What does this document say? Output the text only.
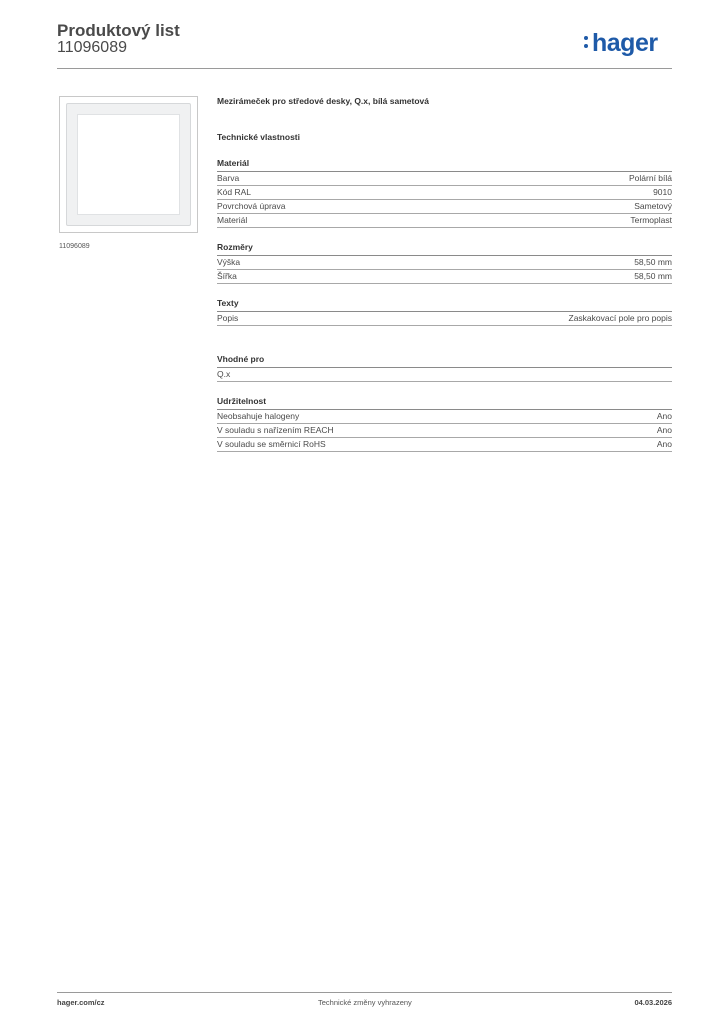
Produktový list
11096089	hager
11096089
Mezirámeček pro středové desky, Q.x, bílá sametová
Technické vlastnosti
Materiál
Barva	Polární bílá
Kód RAL	9010
Povrchová úprava	Sametový
Materiál	Termoplast
Rozměry
Výška	58,50 mm
Šířka	58,50 mm
Texty
Popis	Zaskakovací pole pro popis
Vhodné pro
Q.x
Udržitelnost
Neobsahuje halogeny	Ano
V souladu s nařízením REACH	Ano
V souladu se směrnicí RoHS	Ano
hager.com/cz	Technické změny vyhrazeny	04.03.2026
